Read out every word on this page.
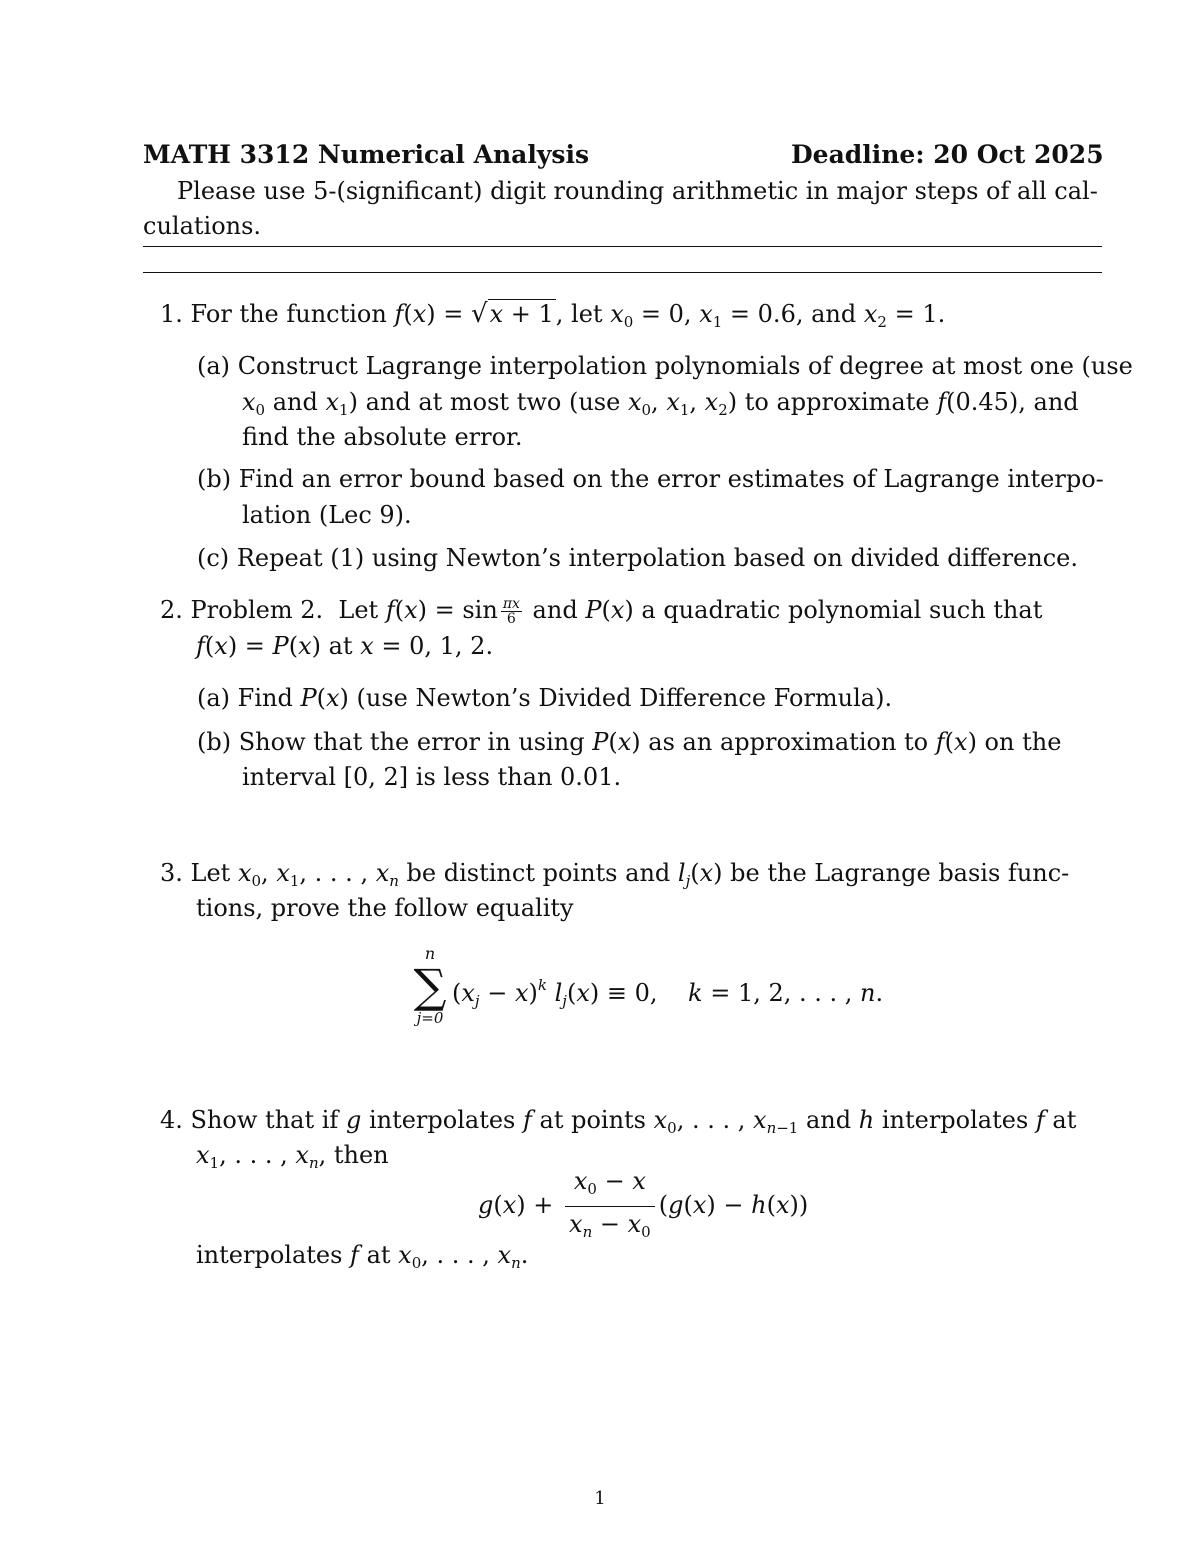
MATH 3312 Numerical Analysis	Deadline: 20 Oct 2025
Please use 5-(significant) digit rounding arithmetic in major steps of all cal-
culations.
1. For the function f(x) = √x + 1, let $x_0 = 0$, $x_1 = 0.6$, and $x_2 = 1$.
(a) Construct Lagrange interpolation polynomials of degree at most one (use
$x_0$ and $x_1$) and at most two (use $x_0$, $x_1$, $x_2$) to approximate f(0.45), and
find the absolute error.
(b) Find an error bound based on the error estimates of Lagrange interpo-
lation (Lec 9).
(c) Repeat (1) using Newton’s interpolation based on divided difference.
2. Problem 2.  Let $f(x) = \sin \frac{\pi x}{6}$ and P(x) a quadratic polynomial such that
f(x) = P(x) at x = 0, 1, 2.
(a) Find P(x) (use Newton’s Divided Difference Formula).
(b) Show that the error in using P(x) as an approximation to f(x) on the
interval [0, 2] is less than 0.01.
3. Let $x_0$, $x_1$, . . . , $x_n$ be distinct points and $l_j(x)$ be the Lagrange basis func-
tions, prove the follow equality
n
∑
j=0
$(x_j - x)^k$ $l_j(x) \equiv 0$,    k = 1, 2, . . . , n.
4. Show that if g interpolates f at points $x_0$, . . . , $x_{n-1}$ and h interpolates f at
$x_1$, . . . , $x_n$, then
$g(x) + \frac{x_0 - x}{x_n - x_0} (g(x) - h(x))$
interpolates f at $x_0$, . . . , $x_n$.
1
